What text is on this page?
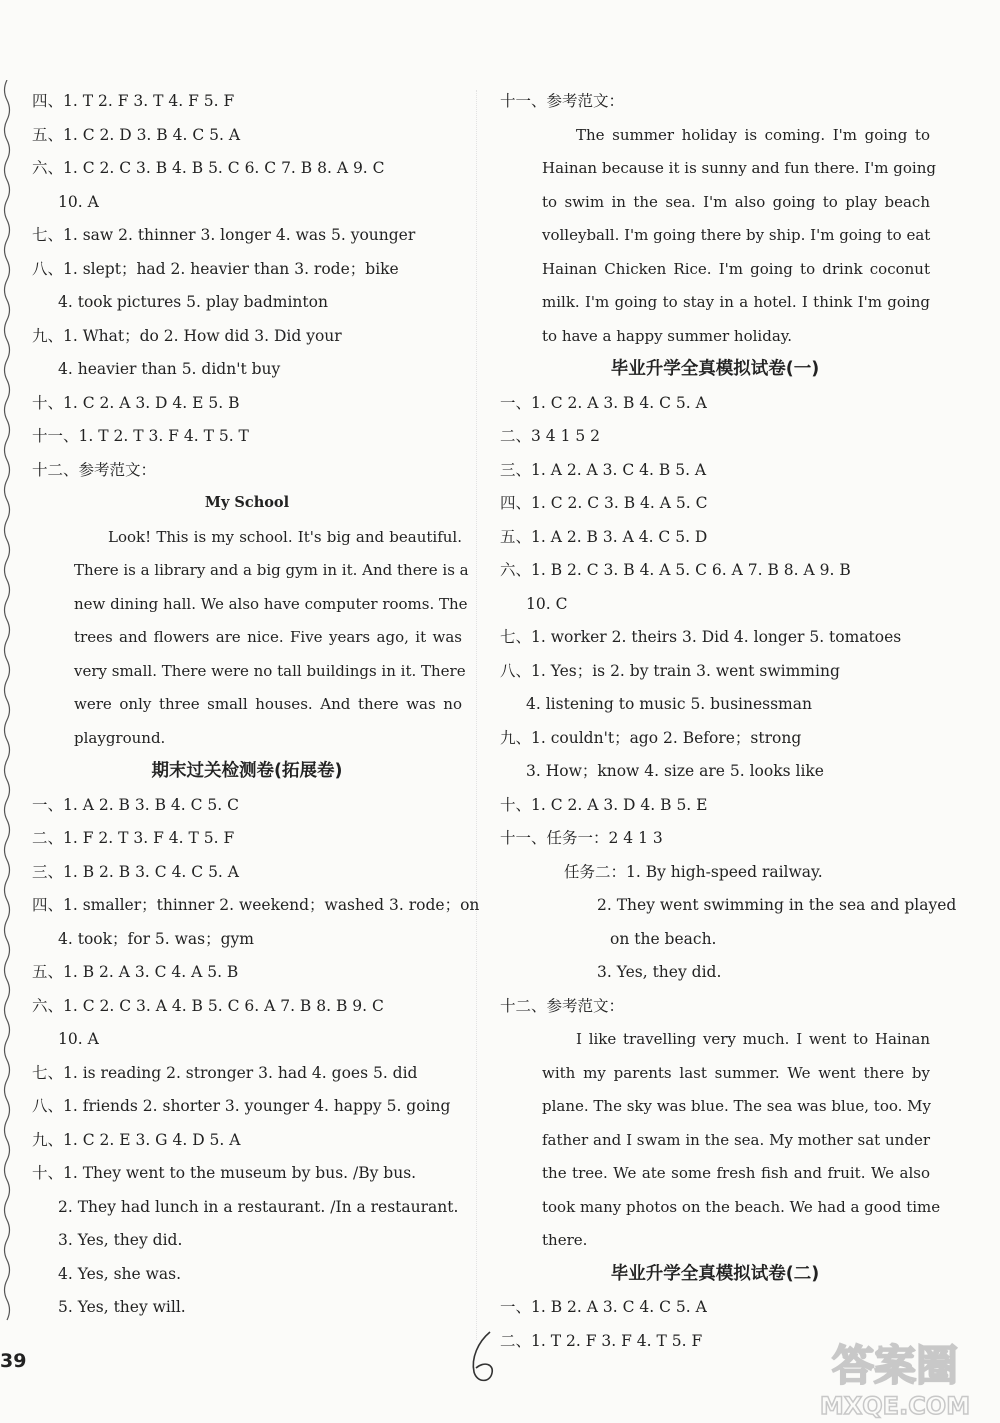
四、1. T 2. F 3. T 4. F 5. F
五、1. C 2. D 3. B 4. C 5. A
六、1. C 2. C 3. B 4. B 5. C 6. C 7. B 8. A 9. C
10. A
七、1. saw 2. thinner 3. longer 4. was 5. younger
八、1. slept；had 2. heavier than 3. rode；bike
4. took pictures 5. play badminton
九、1. What；do 2. How did 3. Did your
4. heavier than 5. didn't buy
十、1. C 2. A 3. D 4. E 5. B
十一、1. T 2. T 3. F 4. T 5. T
十二、参考范文：
My School
Look! This is my school. It's big and beautiful.
There is a library and a big gym in it. And there is a
new dining hall. We also have computer rooms. The
trees and flowers are nice. Five years ago, it was
very small. There were no tall buildings in it. There
were only three small houses. And there was no
playground.
期末过关检测卷(拓展卷)
一、1. A 2. B 3. B 4. C 5. C
二、1. F 2. T 3. F 4. T 5. F
三、1. B 2. B 3. C 4. C 5. A
四、1. smaller；thinner 2. weekend；washed 3. rode；on
4. took；for 5. was；gym
五、1. B 2. A 3. C 4. A 5. B
六、1. C 2. C 3. A 4. B 5. C 6. A 7. B 8. B 9. C
10. A
七、1. is reading 2. stronger 3. had 4. goes 5. did
八、1. friends 2. shorter 3. younger 4. happy 5. going
九、1. C 2. E 3. G 4. D 5. A
十、1. They went to the museum by bus. /By bus.
2. They had lunch in a restaurant. /In a restaurant.
3. Yes, they did.
4. Yes, she was.
5. Yes, they will.
十一、参考范文：
The summer holiday is coming. I'm going to
Hainan because it is sunny and fun there. I'm going
to swim in the sea. I'm also going to play beach
volleyball. I'm going there by ship. I'm going to eat
Hainan Chicken Rice. I'm going to drink coconut
milk. I'm going to stay in a hotel. I think I'm going
to have a happy summer holiday.
毕业升学全真模拟试卷(一)
一、1. C 2. A 3. B 4. C 5. A
二、3 4 1 5 2
三、1. A 2. A 3. C 4. B 5. A
四、1. C 2. C 3. B 4. A 5. C
五、1. A 2. B 3. A 4. C 5. D
六、1. B 2. C 3. B 4. A 5. C 6. A 7. B 8. A 9. B
10. C
七、1. worker 2. theirs 3. Did 4. longer 5. tomatoes
八、1. Yes；is 2. by train 3. went swimming
4. listening to music 5. businessman
九、1. couldn't；ago 2. Before；strong
3. How；know 4. size are 5. looks like
十、1. C 2. A 3. D 4. B 5. E
十一、任务一：2 4 1 3
任务二：1. By high-speed railway.
2. They went swimming in the sea and played
on the beach.
3. Yes, they did.
十二、参考范文：
I like travelling very much. I went to Hainan
with my parents last summer. We went there by
plane. The sky was blue. The sea was blue, too. My
father and I swam in the sea. My mother sat under
the tree. We ate some fresh fish and fruit. We also
took many photos on the beach. We had a good time
there.
毕业升学全真模拟试卷(二)
一、1. B 2. A 3. C 4. C 5. A
二、1. T 2. F 3. F 4. T 5. F
39	答案圈
MXQE.COM
